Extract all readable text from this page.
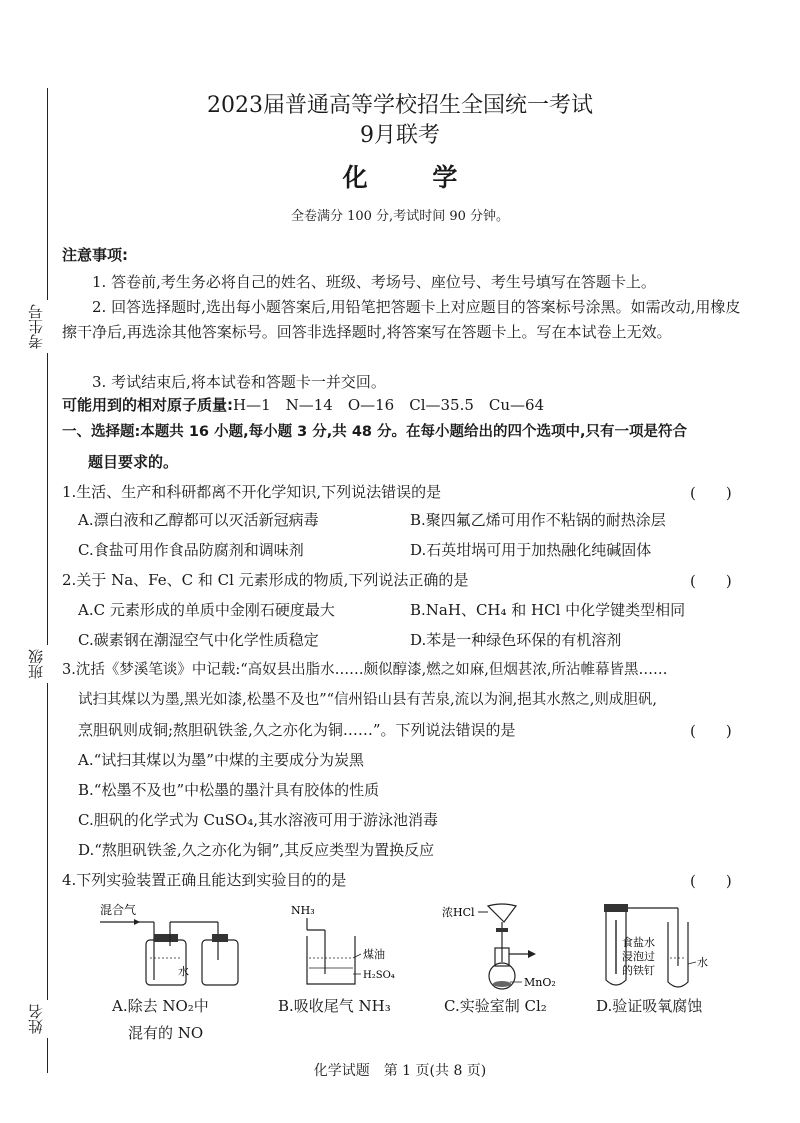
考生号
班级
姓名
2023届普通高等学校招生全国统一考试
9月联考
化 学
全卷满分 100 分,考试时间 90 分钟。
注意事项:
1. 答卷前,考生务必将自己的姓名、班级、考场号、座位号、考生号填写在答题卡上。
2. 回答选择题时,选出每小题答案后,用铅笔把答题卡上对应题目的答案标号涂黑。如需改动,用橡皮擦干净后,再选涂其他答案标号。回答非选择题时,将答案写在答题卡上。写在本试卷上无效。
3. 考试结束后,将本试卷和答题卡一并交回。
可能用到的相对原子质量:H—1　N—14　O—16　Cl—35.5　Cu—64
一、选择题:本题共 16 小题,每小题 3 分,共 48 分。在每小题给出的四个选项中,只有一项是符合
题目要求的。
1.生活、生产和科研都离不开化学知识,下列说法错误的是	(　　)
A.漂白液和乙醇都可以灭活新冠病毒	B.聚四氟乙烯可用作不粘锅的耐热涂层
C.食盐可用作食品防腐剂和调味剂	D.石英坩埚可用于加热融化纯碱固体
2.关于 Na、Fe、C 和 Cl 元素形成的物质,下列说法正确的是	(　　)
A.C 元素形成的单质中金刚石硬度最大	B.NaH、CH₄ 和 HCl 中化学键类型相同
C.碳素钢在潮湿空气中化学性质稳定	D.苯是一种绿色环保的有机溶剂
3.沈括《梦溪笔谈》中记载:“高奴县出脂水……颇似醇漆,燃之如麻,但烟甚浓,所沾帷幕皆黑……
试扫其煤以为墨,黑光如漆,松墨不及也”“信州铅山县有苦泉,流以为涧,挹其水熬之,则成胆矾,
烹胆矾则成铜;熬胆矾铁釜,久之亦化为铜……”。下列说法错误的是	(　　)
A.“试扫其煤以为墨”中煤的主要成分为炭黑
B.“松墨不及也”中松墨的墨汁具有胶体的性质
C.胆矾的化学式为 CuSO₄,其水溶液可用于游泳池消毒
D.“熬胆矾铁釜,久之亦化为铜”,其反应类型为置换反应
4.下列实验装置正确且能达到实验目的的是	(　　)
混合气
水
A.除去 NO₂中
混有的 NO
NH₃
煤油
H₂SO₄
B.吸收尾气 NH₃
浓HCl
MnO₂
C.实验室制 Cl₂
食盐水
浸泡过
的铁钉
水
D.验证吸氧腐蚀
化学试题　第 1 页(共 8 页)
